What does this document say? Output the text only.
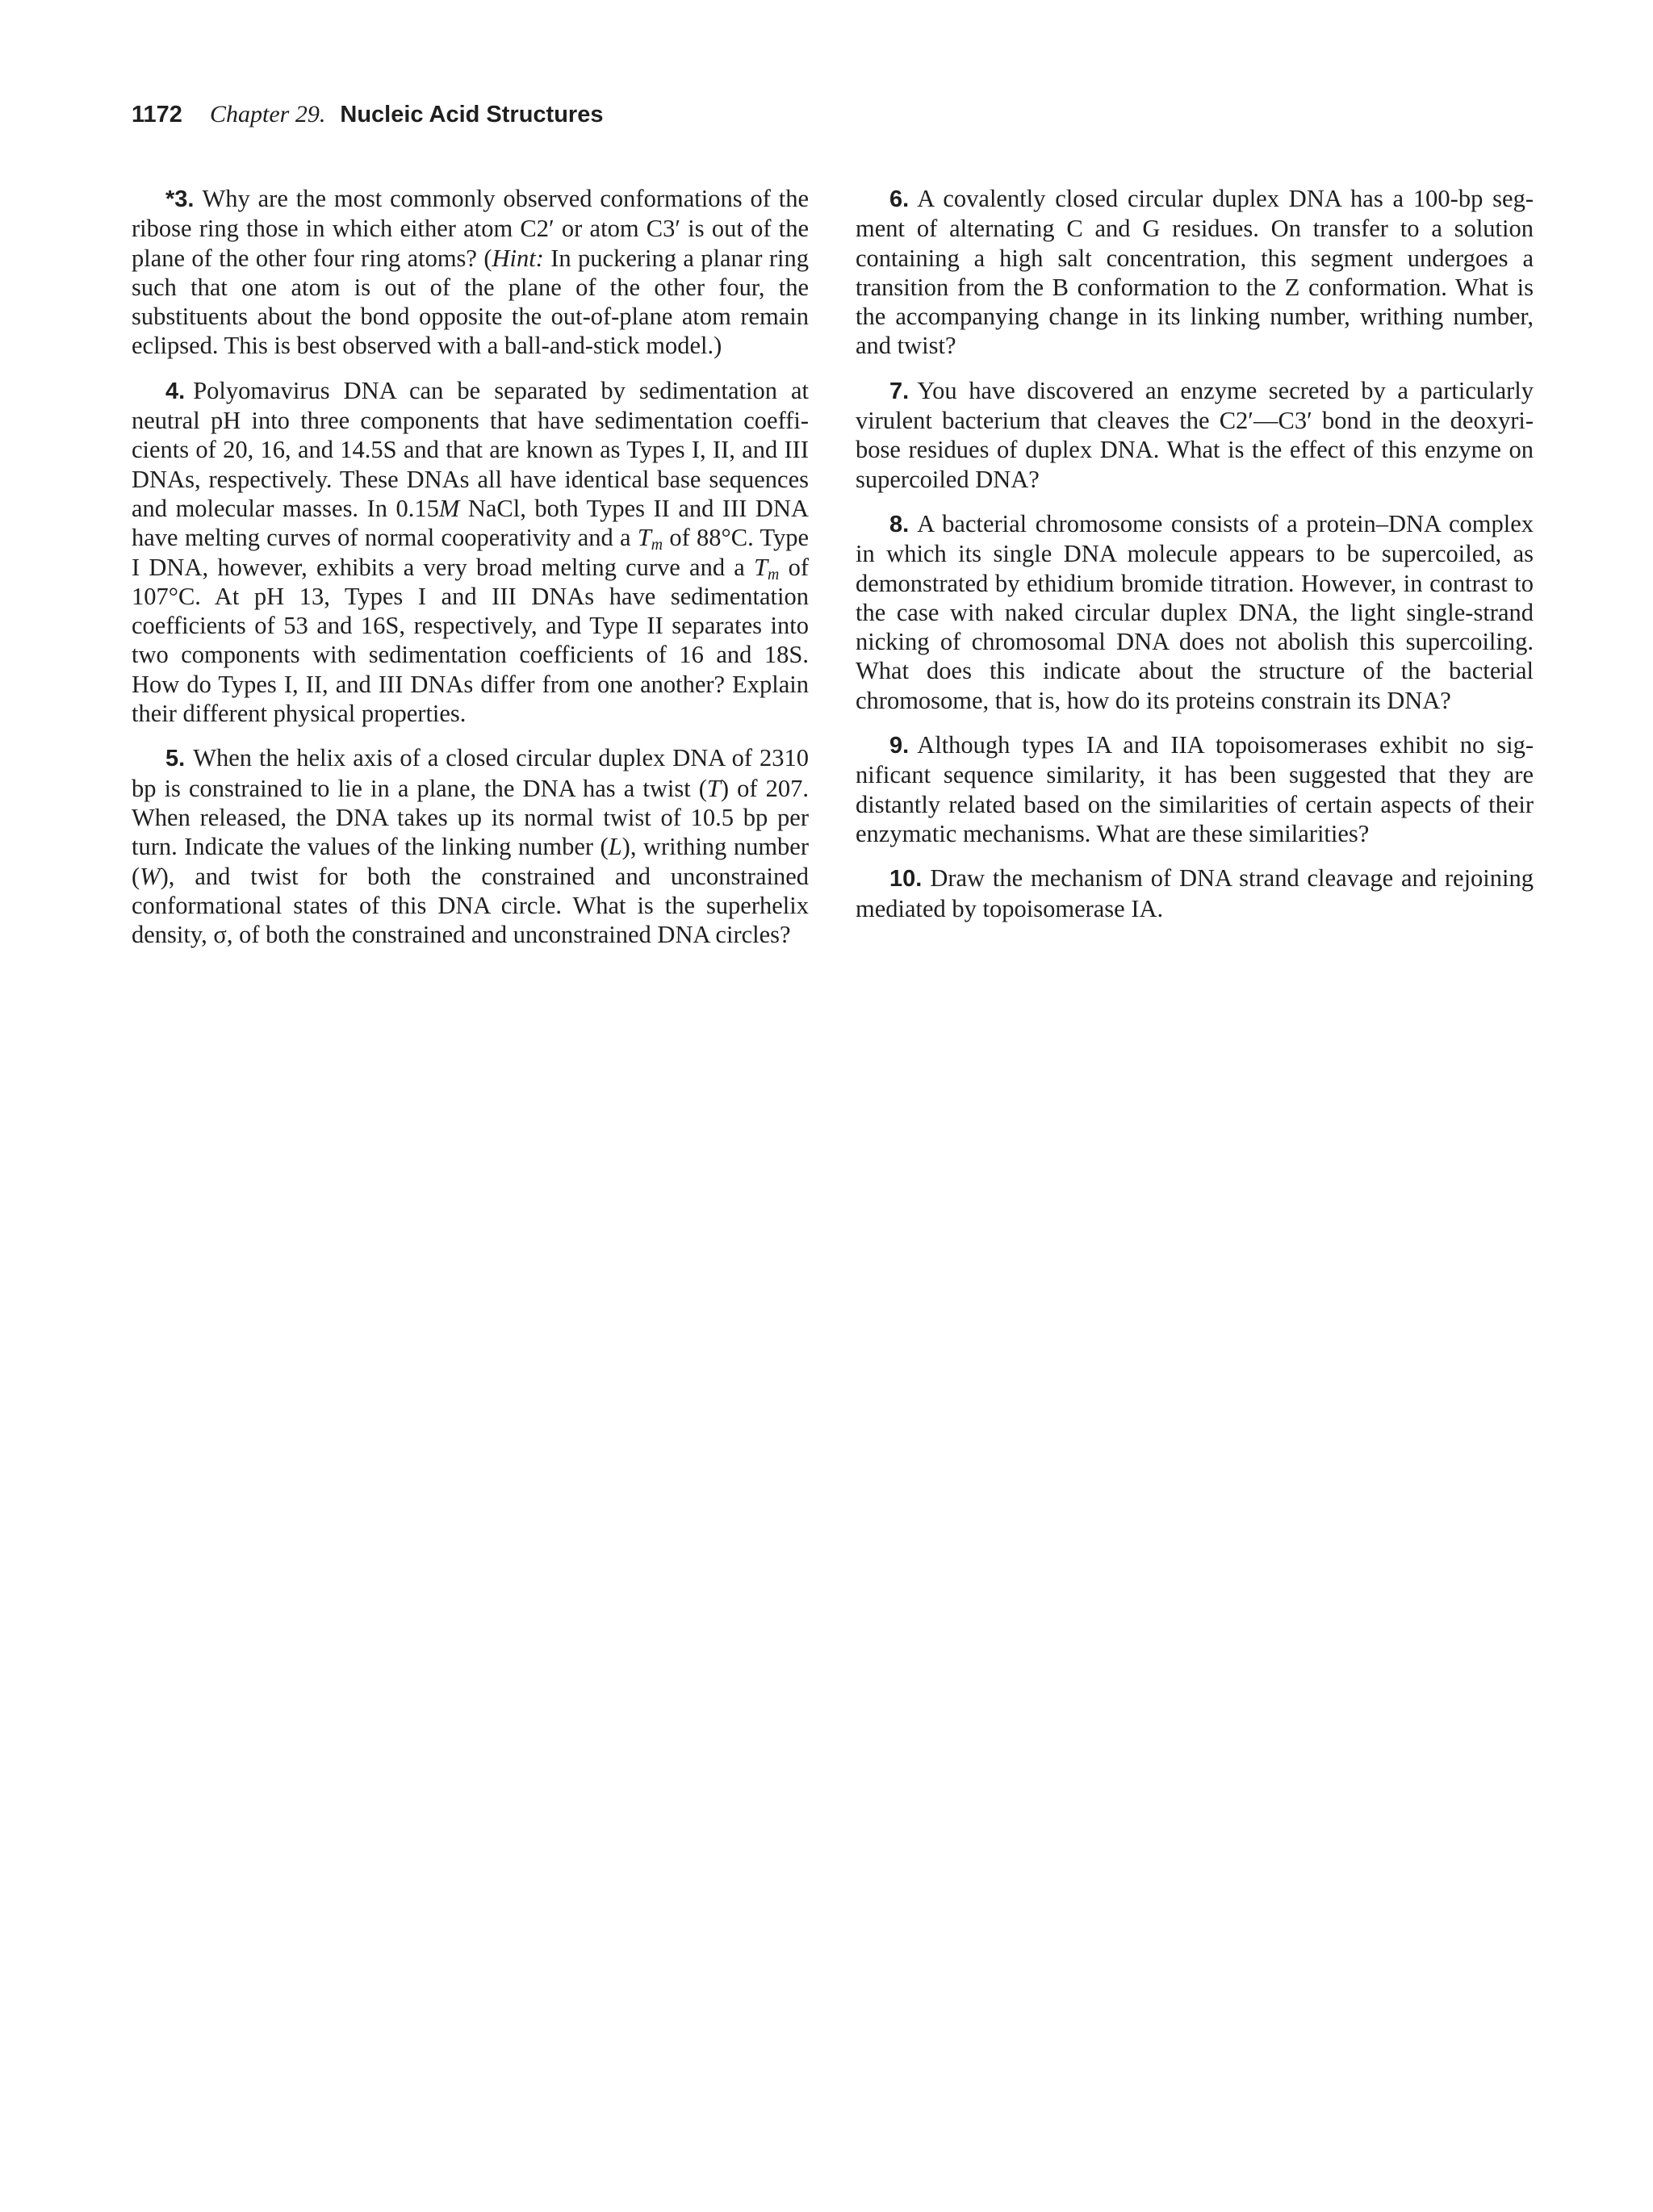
1172 Chapter 29. Nucleic Acid Structures

*3. Why are the most commonly observed conformations of the ribose ring those in which either atom C2′ or atom C3′ is out of the plane of the other four ring atoms? (Hint: In puckering a planar ring such that one atom is out of the plane of the other four, the substituents about the bond opposite the out-of-plane atom remain eclipsed. This is best observed with a ball-and-stick model.)

4. Polyomavirus DNA can be separated by sedimentation at neutral pH into three components that have sedimentation coefficients of 20, 16, and 14.5S and that are known as Types I, II, and III DNAs, respectively. These DNAs all have identical base sequences and molecular masses. In 0.15M NaCl, both Types II and III DNA have melting curves of normal cooperativity and a $T_m$ of 88°C. Type I DNA, however, exhibits a very broad melting curve and a $T_m$ of 107°C. At pH 13, Types I and III DNAs have sedimentation coefficients of 53 and 16S, respectively, and Type II separates into two components with sedimentation coefficients of 16 and 18S. How do Types I, II, and III DNAs differ from one another? Explain their different physical properties.

5. When the helix axis of a closed circular duplex DNA of 2310 bp is constrained to lie in a plane, the DNA has a twist (T) of 207. When released, the DNA takes up its normal twist of 10.5 bp per turn. Indicate the values of the linking number (L), writhing number (W), and twist for both the constrained and unconstrained conformational states of this DNA circle. What is the superhelix density, σ, of both the constrained and unconstrained DNA circles?

6. A covalently closed circular duplex DNA has a 100-bp segment of alternating C and G residues. On transfer to a solution containing a high salt concentration, this segment undergoes a transition from the B conformation to the Z conformation. What is the accompanying change in its linking number, writhing number, and twist?

7. You have discovered an enzyme secreted by a particularly virulent bacterium that cleaves the C2′—C3′ bond in the deoxyribose residues of duplex DNA. What is the effect of this enzyme on supercoiled DNA?

8. A bacterial chromosome consists of a protein–DNA complex in which its single DNA molecule appears to be supercoiled, as demonstrated by ethidium bromide titration. However, in contrast to the case with naked circular duplex DNA, the light single-strand nicking of chromosomal DNA does not abolish this supercoiling. What does this indicate about the structure of the bacterial chromosome, that is, how do its proteins constrain its DNA?

9. Although types IA and IIA topoisomerases exhibit no significant sequence similarity, it has been suggested that they are distantly related based on the similarities of certain aspects of their enzymatic mechanisms. What are these similarities?

10. Draw the mechanism of DNA strand cleavage and rejoining mediated by topoisomerase IA.
